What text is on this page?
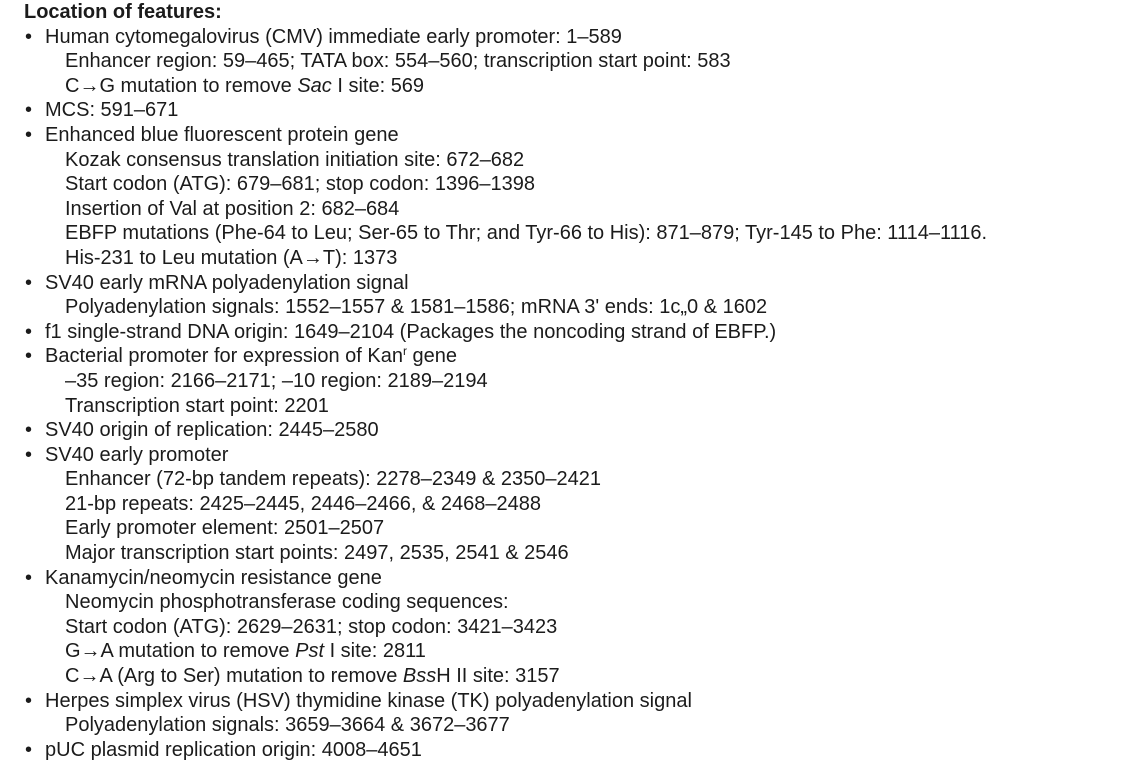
Location of features:
• Human cytomegalovirus (CMV) immediate early promoter: 1–589
Enhancer region: 59–465; TATA box: 554–560; transcription start point: 583
C→G mutation to remove Sac I site: 569
• MCS: 591–671
• Enhanced blue fluorescent protein gene
Kozak consensus translation initiation site: 672–682
Start codon (ATG): 679–681; stop codon: 1396–1398
Insertion of Val at position 2: 682–684
EBFP mutations (Phe-64 to Leu; Ser-65 to Thr; and Tyr-66 to His): 871–879; Tyr-145 to Phe: 1114–1116.
His-231 to Leu mutation (A→T): 1373
• SV40 early mRNA polyadenylation signal
Polyadenylation signals: 1552–1557 & 1581–1586; mRNA 3' ends: 1c„0 & 1602
• f1 single-strand DNA origin: 1649–2104 (Packages the noncoding strand of EBFP.)
• Bacterial promoter for expression of Kan$^r$ gene
–35 region: 2166–2171; –10 region: 2189–2194
Transcription start point: 2201
• SV40 origin of replication: 2445–2580
• SV40 early promoter
Enhancer (72-bp tandem repeats): 2278–2349 & 2350–2421
21-bp repeats: 2425–2445, 2446–2466, & 2468–2488
Early promoter element: 2501–2507
Major transcription start points: 2497, 2535, 2541 & 2546
• Kanamycin/neomycin resistance gene
Neomycin phosphotransferase coding sequences:
Start codon (ATG): 2629–2631; stop codon: 3421–3423
G→A mutation to remove Pst I site: 2811
C→A (Arg to Ser) mutation to remove BssH II site: 3157
• Herpes simplex virus (HSV) thymidine kinase (TK) polyadenylation signal
Polyadenylation signals: 3659–3664 & 3672–3677
• pUC plasmid replication origin: 4008–4651
